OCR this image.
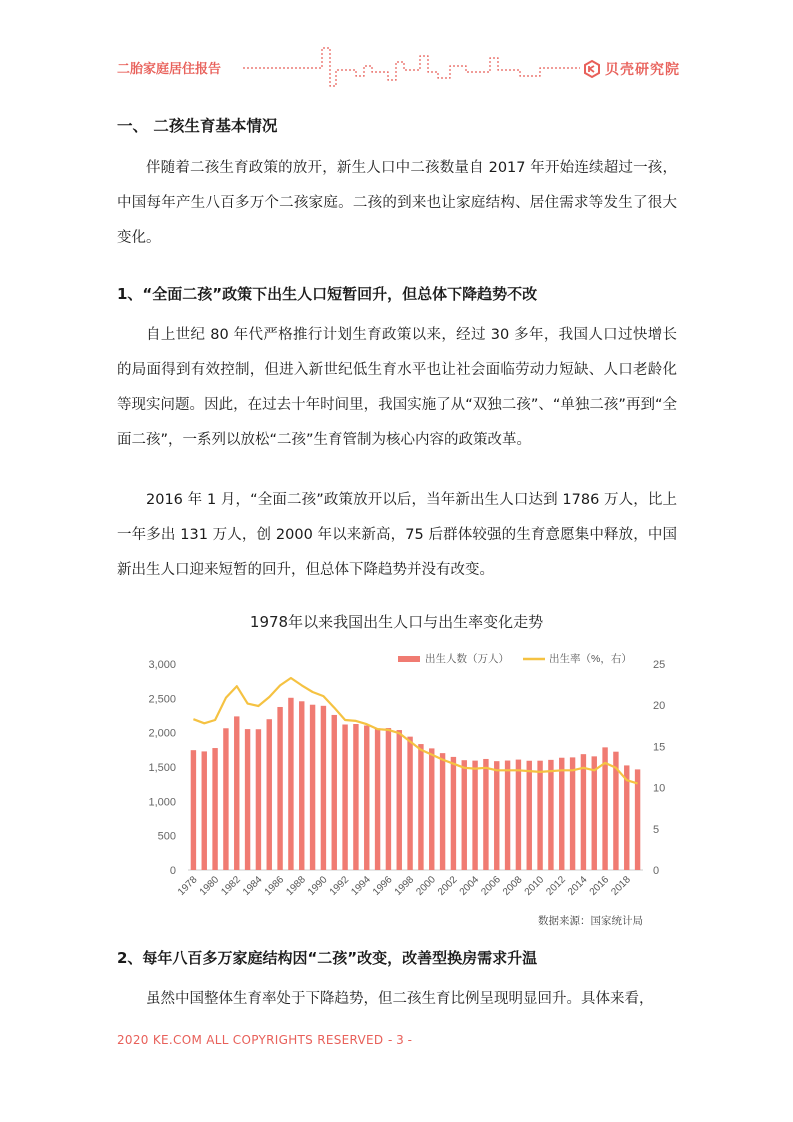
二胎家庭居住报告	贝壳研究院
一、 二孩生育基本情况

伴随着二孩生育政策的放开，新生人口中二孩数量自 2017 年开始连续超过一孩，中国每年产生八百多万个二孩家庭。二孩的到来也让家庭结构、居住需求等发生了很大变化。

1、“全面二孩”政策下出生人口短暂回升，但总体下降趋势不改

自上世纪 80 年代严格推行计划生育政策以来，经过 30 多年，我国人口过快增长的局面得到有效控制，但进入新世纪低生育水平也让社会面临劳动力短缺、人口老龄化等现实问题。因此，在过去十年时间里，我国实施了从“双独二孩”、“单独二孩”再到“全面二孩”，一系列以放松“二孩”生育管制为核心内容的政策改革。

2016 年 1 月，“全面二孩”政策放开以后，当年新出生人口达到 1786 万人，比上一年多出 131 万人，创 2000 年以来新高，75 后群体较强的生育意愿集中释放，中国新出生人口迎来短暂的回升，但总体下降趋势并没有改变。

1978年以来我国出生人口与出生率变化走势
0
500
1,000
1,500
2,000
2,500
3,000
0
5
10
15
20
25
1978
1980
1982
1984
1986
1988
1990
1992
1994
1996
1998
2000
2002
2004
2006
2008
2010
2012
2014
2016
2018
出生人数（万人）	出生率（%，右）
数据来源：国家统计局
2、每年八百多万家庭结构因“二孩”改变，改善型换房需求升温

虽然中国整体生育率处于下降趋势，但二孩生育比例呈现明显回升。具体来看，

2020 KE.COM ALL COPYRIGHTS RESERVED - 3 -
